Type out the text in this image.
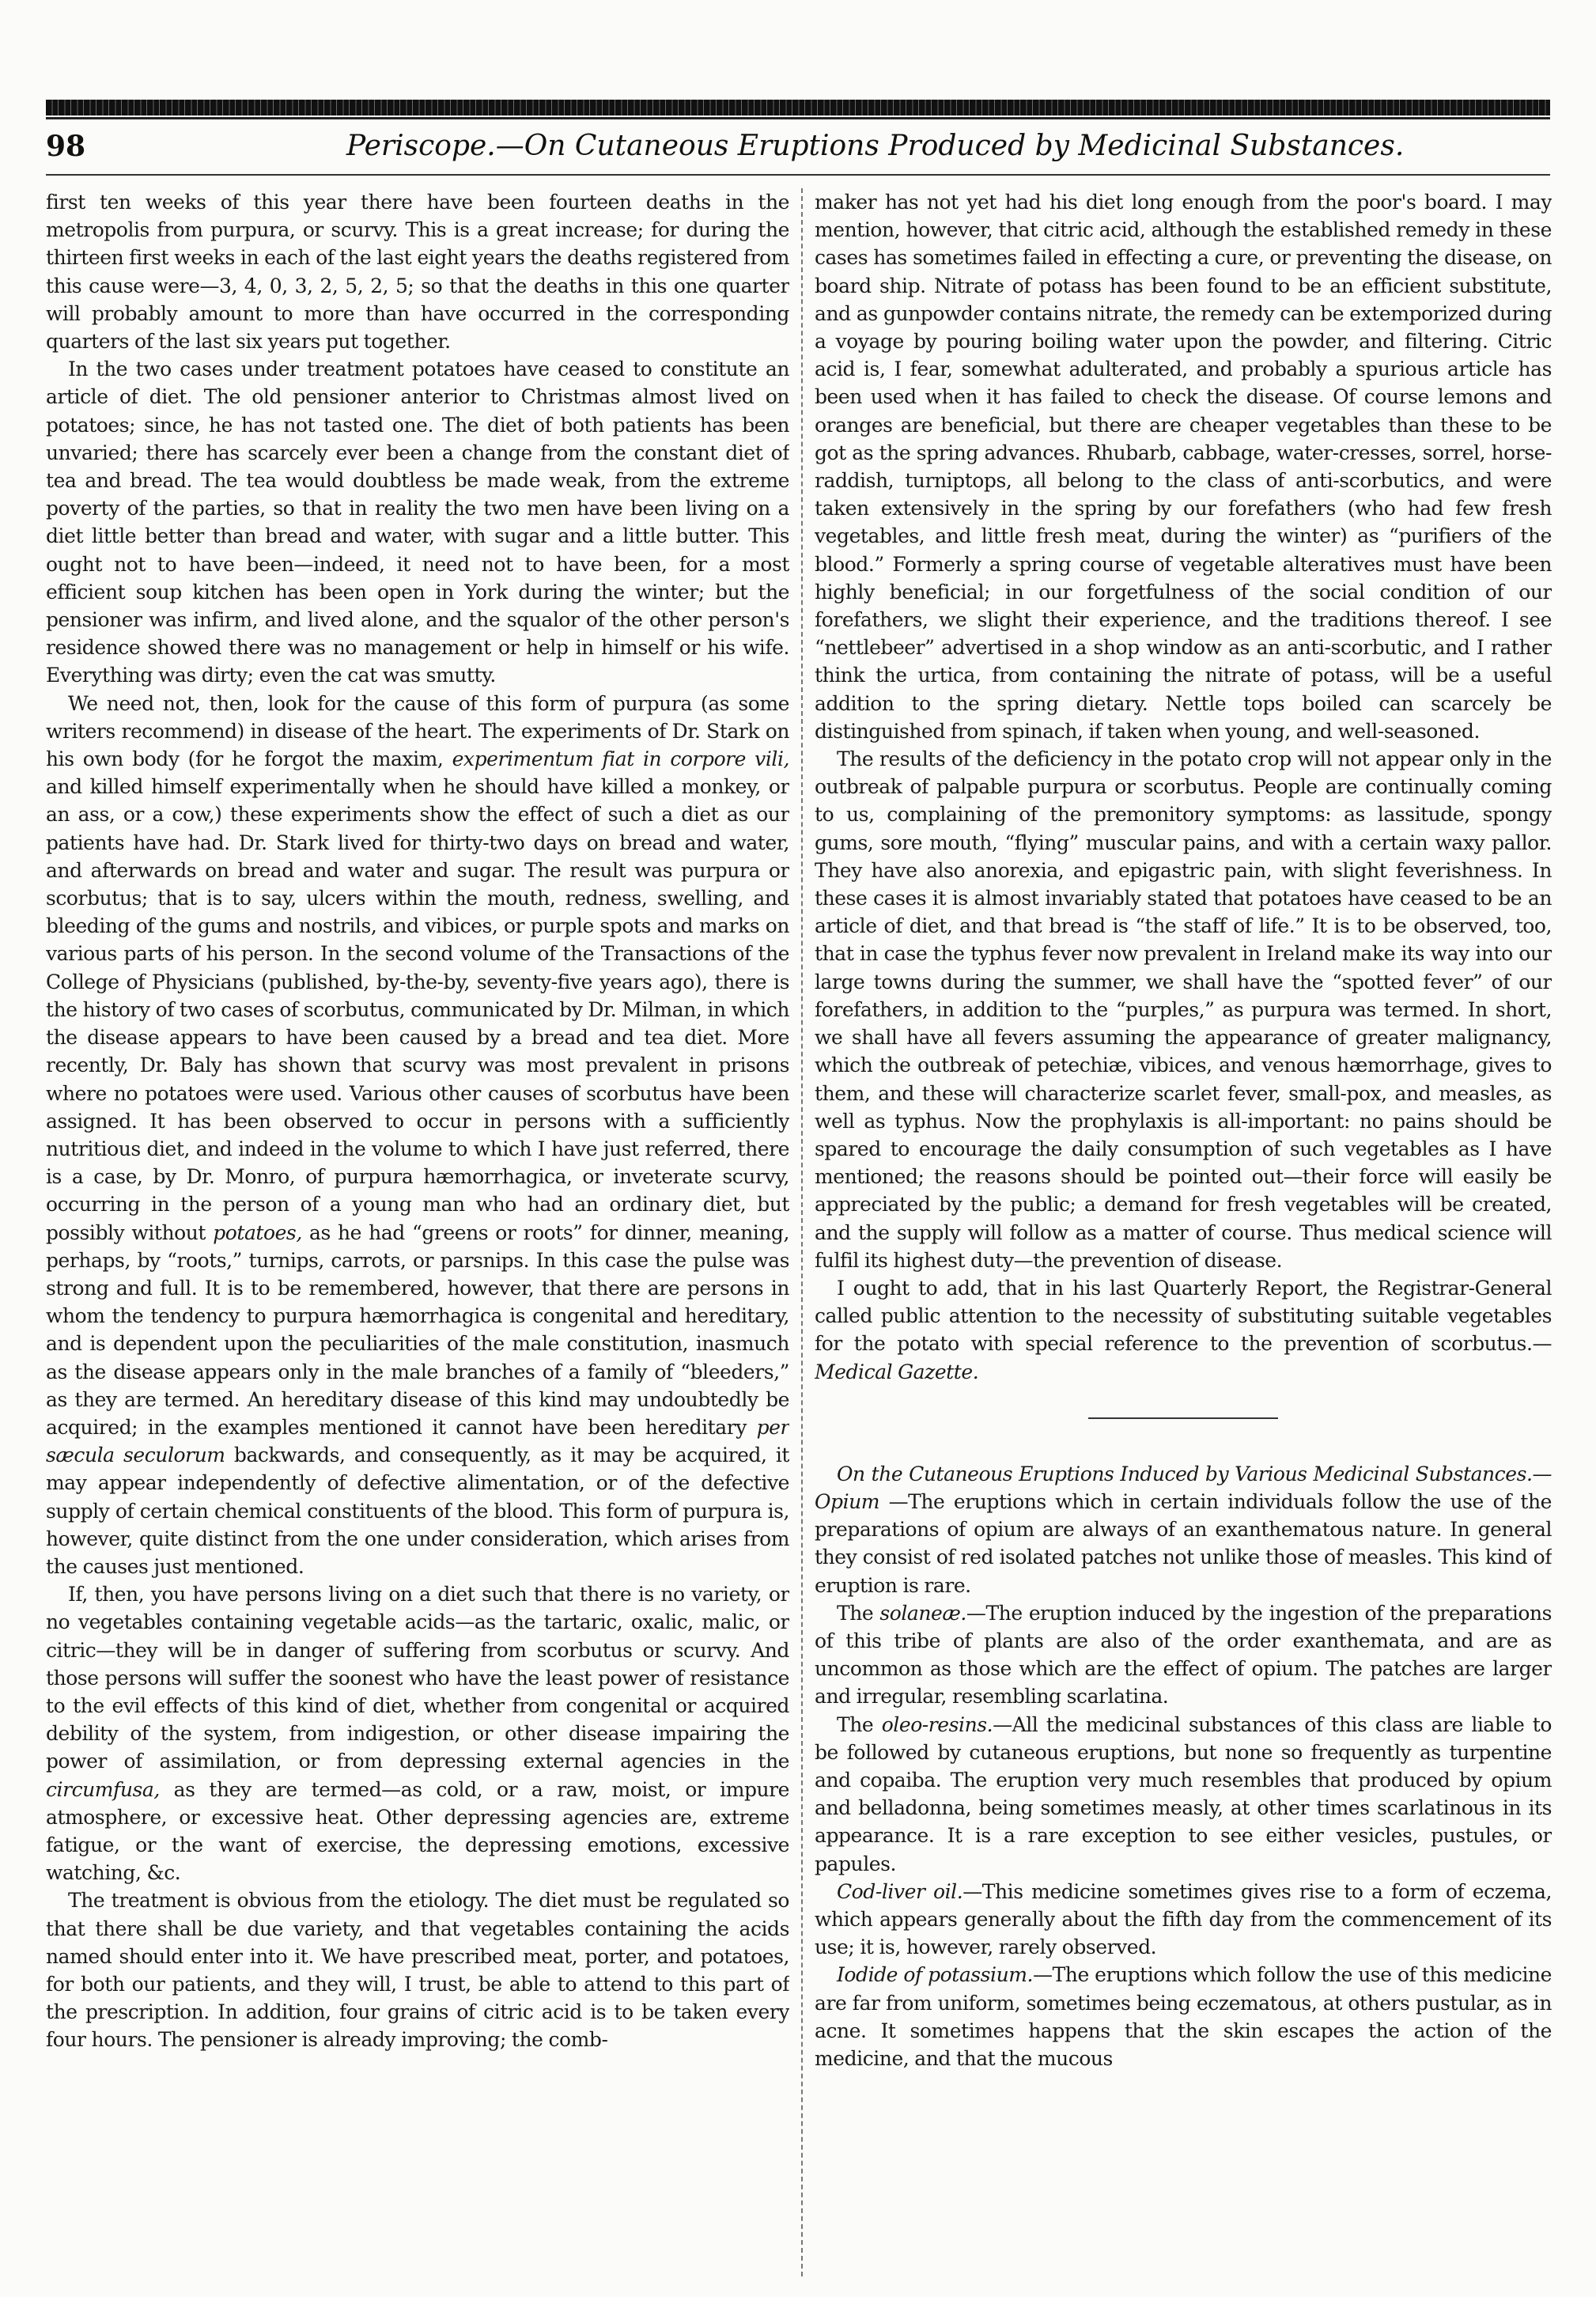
98	Periscope.—On Cutaneous Eruptions Produced by Medicinal Substances.

first ten weeks of this year there have been fourteen deaths in the metropolis from purpura, or scurvy. This is a great increase; for during the thirteen first weeks in each of the last eight years the deaths registered from this cause were—3, 4, 0, 3, 2, 5, 2, 5; so that the deaths in this one quarter will probably amount to more than have occurred in the corresponding quarters of the last six years put together.

In the two cases under treatment potatoes have ceased to constitute an article of diet. The old pensioner anterior to Christmas almost lived on potatoes; since, he has not tasted one. The diet of both patients has been unvaried; there has scarcely ever been a change from the constant diet of tea and bread. The tea would doubtless be made weak, from the extreme poverty of the parties, so that in reality the two men have been living on a diet little better than bread and water, with sugar and a little butter. This ought not to have been—indeed, it need not to have been, for a most efficient soup kitchen has been open in York during the winter; but the pensioner was infirm, and lived alone, and the squalor of the other person's residence showed there was no management or help in himself or his wife. Everything was dirty; even the cat was smutty.

We need not, then, look for the cause of this form of purpura (as some writers recommend) in disease of the heart. The experiments of Dr. Stark on his own body (for he forgot the maxim, experimentum fiat in corpore vili, and killed himself experimentally when he should have killed a monkey, or an ass, or a cow,) these experiments show the effect of such a diet as our patients have had. Dr. Stark lived for thirty-two days on bread and water, and afterwards on bread and water and sugar. The result was purpura or scorbutus; that is to say, ulcers within the mouth, redness, swelling, and bleeding of the gums and nostrils, and vibices, or purple spots and marks on various parts of his person. In the second volume of the Transactions of the College of Physicians (published, by-the-by, seventy-five years ago), there is the history of two cases of scorbutus, communicated by Dr. Milman, in which the disease appears to have been caused by a bread and tea diet. More recently, Dr. Baly has shown that scurvy was most prevalent in prisons where no potatoes were used. Various other causes of scorbutus have been assigned. It has been observed to occur in persons with a sufficiently nutritious diet, and indeed in the volume to which I have just referred, there is a case, by Dr. Monro, of purpura hæmorrhagica, or inveterate scurvy, occurring in the person of a young man who had an ordinary diet, but possibly without potatoes, as he had “greens or roots” for dinner, meaning, perhaps, by “roots,” turnips, carrots, or parsnips. In this case the pulse was strong and full. It is to be remembered, however, that there are persons in whom the tendency to purpura hæmorrhagica is congenital and hereditary, and is dependent upon the peculiarities of the male constitution, inasmuch as the disease appears only in the male branches of a family of “bleeders,” as they are termed. An hereditary disease of this kind may undoubtedly be acquired; in the examples mentioned it cannot have been hereditary per sæcula seculorum backwards, and consequently, as it may be acquired, it may appear independently of defective alimentation, or of the defective supply of certain chemical constituents of the blood. This form of purpura is, however, quite distinct from the one under consideration, which arises from the causes just mentioned.

If, then, you have persons living on a diet such that there is no variety, or no vegetables containing vegetable acids—as the tartaric, oxalic, malic, or citric—they will be in danger of suffering from scorbutus or scurvy. And those persons will suffer the soonest who have the least power of resistance to the evil effects of this kind of diet, whether from congenital or acquired debility of the system, from indigestion, or other disease impairing the power of assimilation, or from depressing external agencies in the circumfusa, as they are termed—as cold, or a raw, moist, or impure atmosphere, or excessive heat. Other depressing agencies are, extreme fatigue, or the want of exercise, the depressing emotions, excessive watching, &c.

The treatment is obvious from the etiology. The diet must be regulated so that there shall be due variety, and that vegetables containing the acids named should enter into it. We have prescribed meat, porter, and potatoes, for both our patients, and they will, I trust, be able to attend to this part of the prescription. In addition, four grains of citric acid is to be taken every four hours. The pensioner is already improving; the comb-

maker has not yet had his diet long enough from the poor's board. I may mention, however, that citric acid, although the established remedy in these cases has sometimes failed in effecting a cure, or preventing the disease, on board ship. Nitrate of potass has been found to be an efficient substitute, and as gunpowder contains nitrate, the remedy can be extemporized during a voyage by pouring boiling water upon the powder, and filtering. Citric acid is, I fear, somewhat adulterated, and probably a spurious article has been used when it has failed to check the disease. Of course lemons and oranges are beneficial, but there are cheaper vegetables than these to be got as the spring advances. Rhubarb, cabbage, water-cresses, sorrel, horse-raddish, turniptops, all belong to the class of anti-scorbutics, and were taken extensively in the spring by our forefathers (who had few fresh vegetables, and little fresh meat, during the winter) as “purifiers of the blood.” Formerly a spring course of vegetable alteratives must have been highly beneficial; in our forgetfulness of the social condition of our forefathers, we slight their experience, and the traditions thereof. I see “nettlebeer” advertised in a shop window as an anti-scorbutic, and I rather think the urtica, from containing the nitrate of potass, will be a useful addition to the spring dietary. Nettle tops boiled can scarcely be distinguished from spinach, if taken when young, and well-seasoned.

The results of the deficiency in the potato crop will not appear only in the outbreak of palpable purpura or scorbutus. People are continually coming to us, complaining of the premonitory symptoms: as lassitude, spongy gums, sore mouth, “flying” muscular pains, and with a certain waxy pallor. They have also anorexia, and epigastric pain, with slight feverishness. In these cases it is almost invariably stated that potatoes have ceased to be an article of diet, and that bread is “the staff of life.” It is to be observed, too, that in case the typhus fever now prevalent in Ireland make its way into our large towns during the summer, we shall have the “spotted fever” of our forefathers, in addition to the “purples,” as purpura was termed. In short, we shall have all fevers assuming the appearance of greater malignancy, which the outbreak of petechiæ, vibices, and venous hæmorrhage, gives to them, and these will characterize scarlet fever, small-pox, and measles, as well as typhus. Now the prophylaxis is all-important: no pains should be spared to encourage the daily consumption of such vegetables as I have mentioned; the reasons should be pointed out—their force will easily be appreciated by the public; a demand for fresh vegetables will be created, and the supply will follow as a matter of course. Thus medical science will fulfil its highest duty—the prevention of disease.

I ought to add, that in his last Quarterly Report, the Registrar-General called public attention to the necessity of substituting suitable vegetables for the potato with special reference to the prevention of scorbutus.—Medical Gazette.

On the Cutaneous Eruptions Induced by Various Medicinal Substances.—Opium —The eruptions which in certain individuals follow the use of the preparations of opium are always of an exanthematous nature. In general they consist of red isolated patches not unlike those of measles. This kind of eruption is rare.

The solaneæ.—The eruption induced by the ingestion of the preparations of this tribe of plants are also of the order exanthemata, and are as uncommon as those which are the effect of opium. The patches are larger and irregular, resembling scarlatina.

The oleo-resins.—All the medicinal substances of this class are liable to be followed by cutaneous eruptions, but none so frequently as turpentine and copaiba. The eruption very much resembles that produced by opium and belladonna, being sometimes measly, at other times scarlatinous in its appearance. It is a rare exception to see either vesicles, pustules, or papules.

Cod-liver oil.—This medicine sometimes gives rise to a form of eczema, which appears generally about the fifth day from the commencement of its use; it is, however, rarely observed.

Iodide of potassium.—The eruptions which follow the use of this medicine are far from uniform, sometimes being eczematous, at others pustular, as in acne. It sometimes happens that the skin escapes the action of the medicine, and that the mucous
